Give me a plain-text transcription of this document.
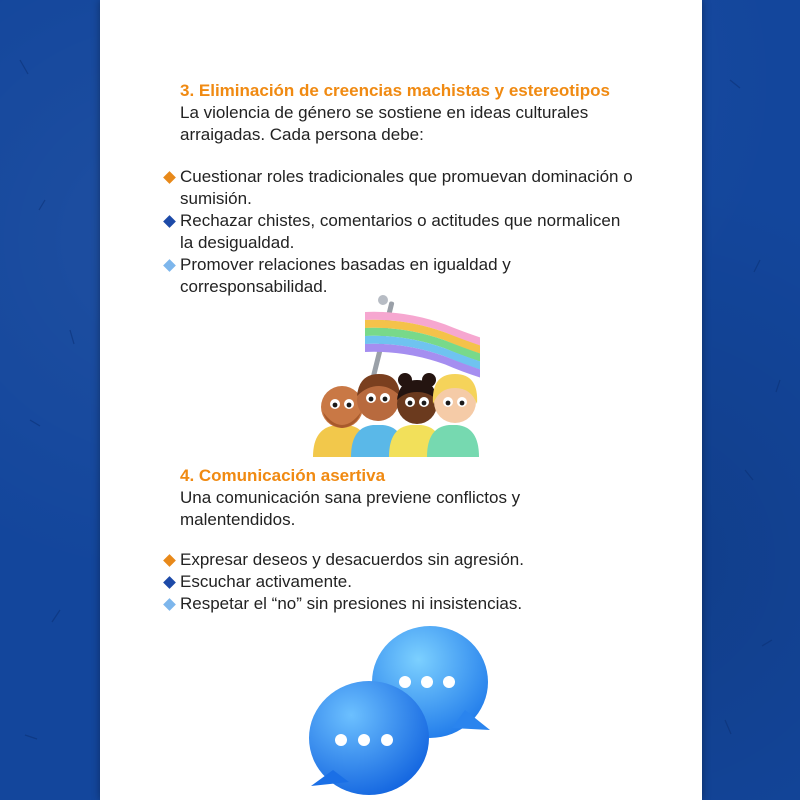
3. Eliminación de creencias machistas y estereotipos
La violencia de género se sostiene en ideas culturales arraigadas. Cada persona debe:
Cuestionar roles tradicionales que promuevan dominación o sumisión.
Rechazar chistes, comentarios o actitudes que normalicen la desigualdad.
Promover relaciones basadas en igualdad y corresponsabilidad.
4. Comunicación asertiva
Una comunicación sana previene conflictos y malentendidos.
Expresar deseos y desacuerdos sin agresión.
Escuchar activamente.
Respetar el “no” sin presiones ni insistencias.
